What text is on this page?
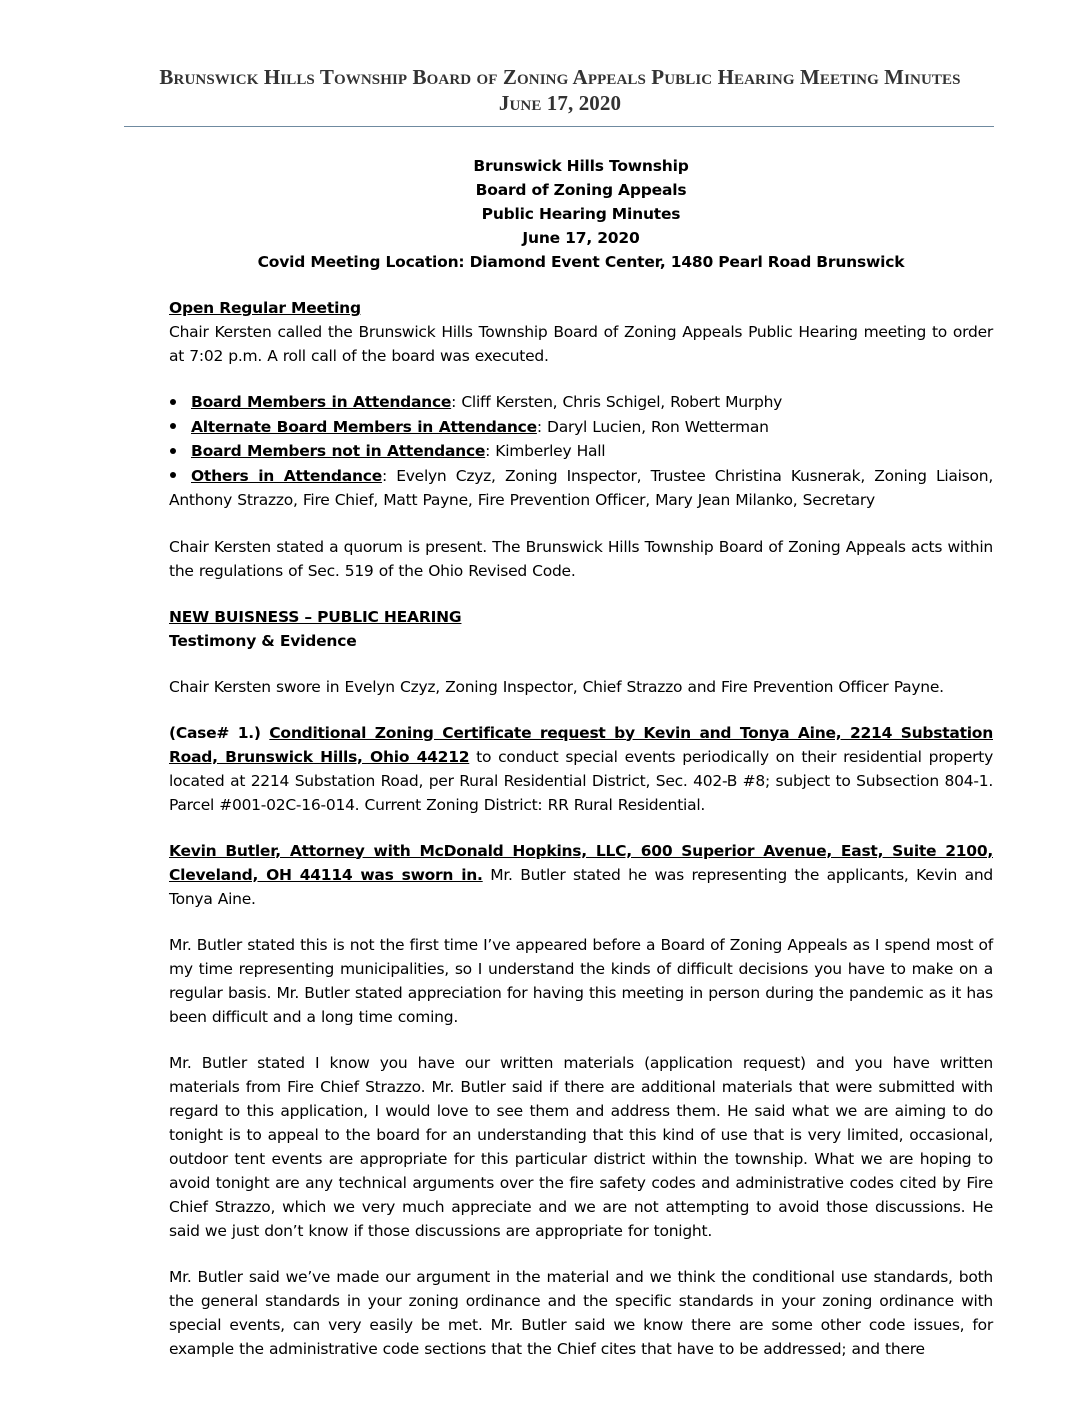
Brunswick Hills Township Board of Zoning Appeals Public Hearing Meeting Minutes
June 17, 2020
Brunswick Hills Township
Board of Zoning Appeals
Public Hearing Minutes
June 17, 2020
Covid Meeting Location: Diamond Event Center, 1480 Pearl Road Brunswick
Open Regular Meeting

Chair Kersten called the Brunswick Hills Township Board of Zoning Appeals Public Hearing meeting to order at 7:02 p.m. A roll call of the board was executed.

Board Members in Attendance: Cliff Kersten, Chris Schigel, Robert Murphy
Alternate Board Members in Attendance: Daryl Lucien, Ron Wetterman
Board Members not in Attendance: Kimberley Hall
Others in Attendance: Evelyn Czyz, Zoning Inspector, Trustee Christina Kusnerak, Zoning Liaison, Anthony Strazzo, Fire Chief, Matt Payne, Fire Prevention Officer, Mary Jean Milanko, Secretary

Chair Kersten stated a quorum is present. The Brunswick Hills Township Board of Zoning Appeals acts within the regulations of Sec. 519 of the Ohio Revised Code.

NEW BUISNESS – PUBLIC HEARING
Testimony & Evidence

Chair Kersten swore in Evelyn Czyz, Zoning Inspector, Chief Strazzo and Fire Prevention Officer Payne.

(Case# 1.) Conditional Zoning Certificate request by Kevin and Tonya Aine, 2214 Substation Road, Brunswick Hills, Ohio 44212 to conduct special events periodically on their residential property located at 2214 Substation Road, per Rural Residential District, Sec. 402-B #8; subject to Subsection 804-1. Parcel #001-02C-16-014. Current Zoning District: RR Rural Residential.

Kevin Butler, Attorney with McDonald Hopkins, LLC, 600 Superior Avenue, East, Suite 2100, Cleveland, OH 44114 was sworn in. Mr. Butler stated he was representing the applicants, Kevin and Tonya Aine.

Mr. Butler stated this is not the first time I’ve appeared before a Board of Zoning Appeals as I spend most of my time representing municipalities, so I understand the kinds of difficult decisions you have to make on a regular basis. Mr. Butler stated appreciation for having this meeting in person during the pandemic as it has been difficult and a long time coming.

Mr. Butler stated I know you have our written materials (application request) and you have written materials from Fire Chief Strazzo. Mr. Butler said if there are additional materials that were submitted with regard to this application, I would love to see them and address them. He said what we are aiming to do tonight is to appeal to the board for an understanding that this kind of use that is very limited, occasional, outdoor tent events are appropriate for this particular district within the township. What we are hoping to avoid tonight are any technical arguments over the fire safety codes and administrative codes cited by Fire Chief Strazzo, which we very much appreciate and we are not attempting to avoid those discussions. He said we just don’t know if those discussions are appropriate for tonight.

Mr. Butler said we’ve made our argument in the material and we think the conditional use standards, both the general standards in your zoning ordinance and the specific standards in your zoning ordinance with special events, can very easily be met. Mr. Butler said we know there are some other code issues, for example the administrative code sections that the Chief cites that have to be addressed; and there
